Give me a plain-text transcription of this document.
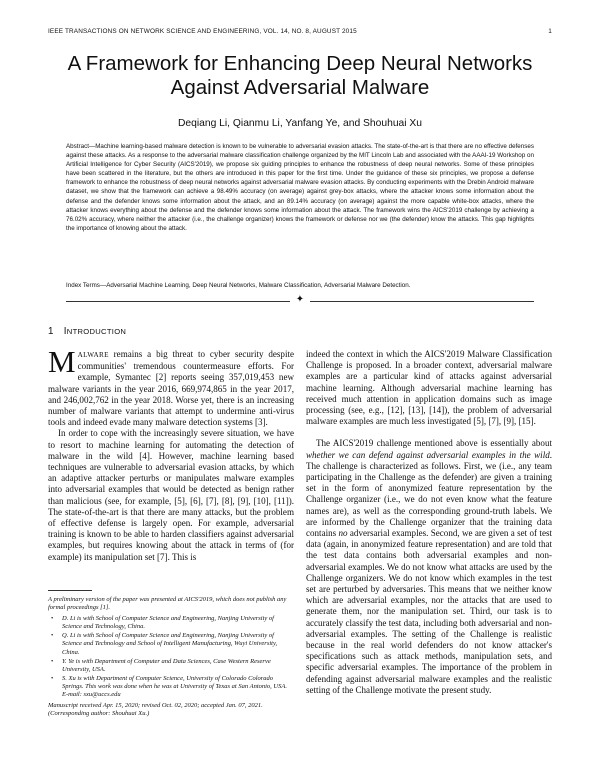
IEEE TRANSACTIONS ON NETWORK SCIENCE AND ENGINEERING, VOL. 14, NO. 8, AUGUST 2015	1
A Framework for Enhancing Deep Neural Networks Against Adversarial Malware
Deqiang Li, Qianmu Li, Yanfang Ye, and Shouhuai Xu

Abstract—Machine learning-based malware detection is known to be vulnerable to adversarial evasion attacks. The state-of-the-art is that there are no effective defenses against these attacks. As a response to the adversarial malware classification challenge organized by the MIT Lincoln Lab and associated with the AAAI-19 Workshop on Artificial Intelligence for Cyber Security (AICS'2019), we propose six guiding principles to enhance the robustness of deep neural networks. Some of these principles have been scattered in the literature, but the others are introduced in this paper for the first time. Under the guidance of these six principles, we propose a defense framework to enhance the robustness of deep neural networks against adversarial malware evasion attacks. By conducting experiments with the Drebin Android malware dataset, we show that the framework can achieve a 98.49% accuracy (on average) against grey-box attacks, where the attacker knows some information about the defense and the defender knows some information about the attack, and an 89.14% accuracy (on average) against the more capable white-box attacks, where the attacker knows everything about the defense and the defender knows some information about the attack. The framework wins the AICS'2019 challenge by achieving a 76.02% accuracy, where neither the attacker (i.e., the challenge organizer) knows the framework or defense nor we (the defender) know the attacks. This gap highlights the importance of knowing about the attack.

Index Terms—Adversarial Machine Learning, Deep Neural Networks, Malware Classification, Adversarial Malware Detection.

✦
1 INTRODUCTION

MALWARE remains a big threat to cyber security despite communities' tremendous countermeasure efforts. For example, Symantec [2] reports seeing 357,019,453 new malware variants in the year 2016, 669,974,865 in the year 2017, and 246,002,762 in the year 2018. Worse yet, there is an increasing number of malware variants that attempt to undermine anti-virus tools and indeed evade many malware detection systems [3].

In order to cope with the increasingly severe situation, we have to resort to machine learning for automating the detection of malware in the wild [4]. However, machine learning based techniques are vulnerable to adversarial evasion attacks, by which an adaptive attacker perturbs or manipulates malware examples into adversarial examples that would be detected as benign rather than malicious (see, for example, [5], [6], [7], [8], [9], [10], [11]). The state-of-the-art is that there are many attacks, but the problem of effective defense is largely open. For example, adversarial training is known to be able to harden classifiers against adversarial examples, but requires knowing about the attack in terms of (for example) its manipulation set [7]. This is

A preliminary version of the paper was presented at AICS'2019, which does not publish any formal proceedings [1].

• D. Li is with School of Computer Science and Engineering, Nanjing University of Science and Technology, China.
• Q. Li is with School of Computer Science and Engineering, Nanjing University of Science and Technology and School of Intelligent Manufacturing, Wuyi University, China.
• Y. Ye is with Department of Computer and Data Sciences, Case Western Reserve University, USA.
• S. Xu is with Department of Computer Science, University of Colorado Colorado Springs. This work was done when he was at University of Texas at San Antonio, USA. E-mail: sxu@uccs.edu

Manuscript received Apr. 15, 2020; revised Oct. 02, 2020; accepted Jan. 07, 2021. (Corresponding author: Shouhuai Xu.)

indeed the context in which the AICS'2019 Malware Classification Challenge is proposed. In a broader context, adversarial malware examples are a particular kind of attacks against adversarial machine learning. Although adversarial machine learning has received much attention in application domains such as image processing (see, e.g., [12], [13], [14]), the problem of adversarial malware examples are much less investigated [5], [7], [9], [15].

The AICS'2019 challenge mentioned above is essentially about whether we can defend against adversarial examples in the wild. The challenge is characterized as follows. First, we (i.e., any team participating in the Challenge as the defender) are given a training set in the form of anonymized feature representation by the Challenge organizer (i.e., we do not even know what the feature names are), as well as the corresponding ground-truth labels. We are informed by the Challenge organizer that the training data contains no adversarial examples. Second, we are given a set of test data (again, in anonymized feature representation) and are told that the test data contains both adversarial examples and non-adversarial examples. We do not know what attacks are used by the Challenge organizers. We do not know which examples in the test set are perturbed by adversaries. This means that we neither know which are adversarial examples, nor the attacks that are used to generate them, nor the manipulation set. Third, our task is to accurately classify the test data, including both adversarial and non-adversarial examples. The setting of the Challenge is realistic because in the real world defenders do not know attacker's specifications such as attack methods, manipulation sets, and specific adversarial examples. The importance of the problem in defending against adversarial malware examples and the realistic setting of the Challenge motivate the present study.
